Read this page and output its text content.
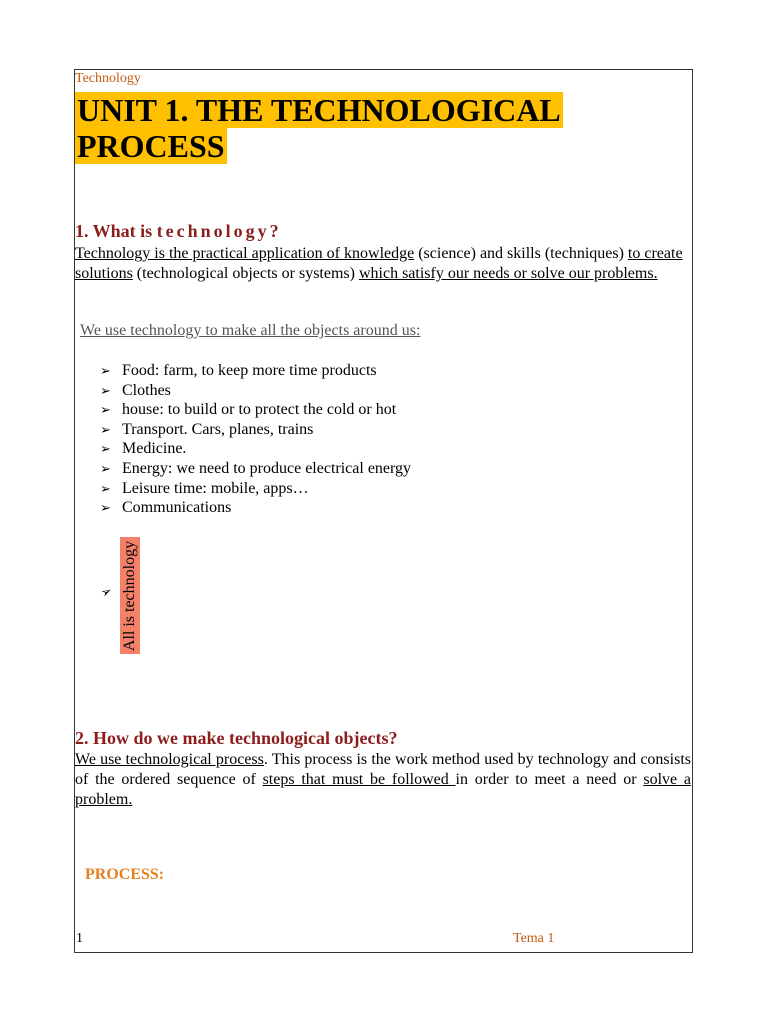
Technology
UNIT 1. THE TECHNOLOGICAL
PROCESS
1. What is technology?
Technology is the practical application of knowledge (science) and skills (techniques) to create solutions (technological objects or systems) which satisfy our needs or solve our problems.
We use technology to make all the objects around us:
➢ Food: farm, to keep more time products
➢ Clothes
➢ house: to build or to protect the cold or hot
➢ Transport. Cars, planes, trains
➢ Medicine.
➢ Energy: we need to produce electrical energy
➢ Leisure time: mobile, apps…
➢ Communications
➢ All is technology
2. How do we make technological objects?
We use technological process. This process is the work method used by technology and consists of the ordered sequence of steps that must be followed in order to meet a need or solve a problem.
PROCESS:
1	Tema 1
